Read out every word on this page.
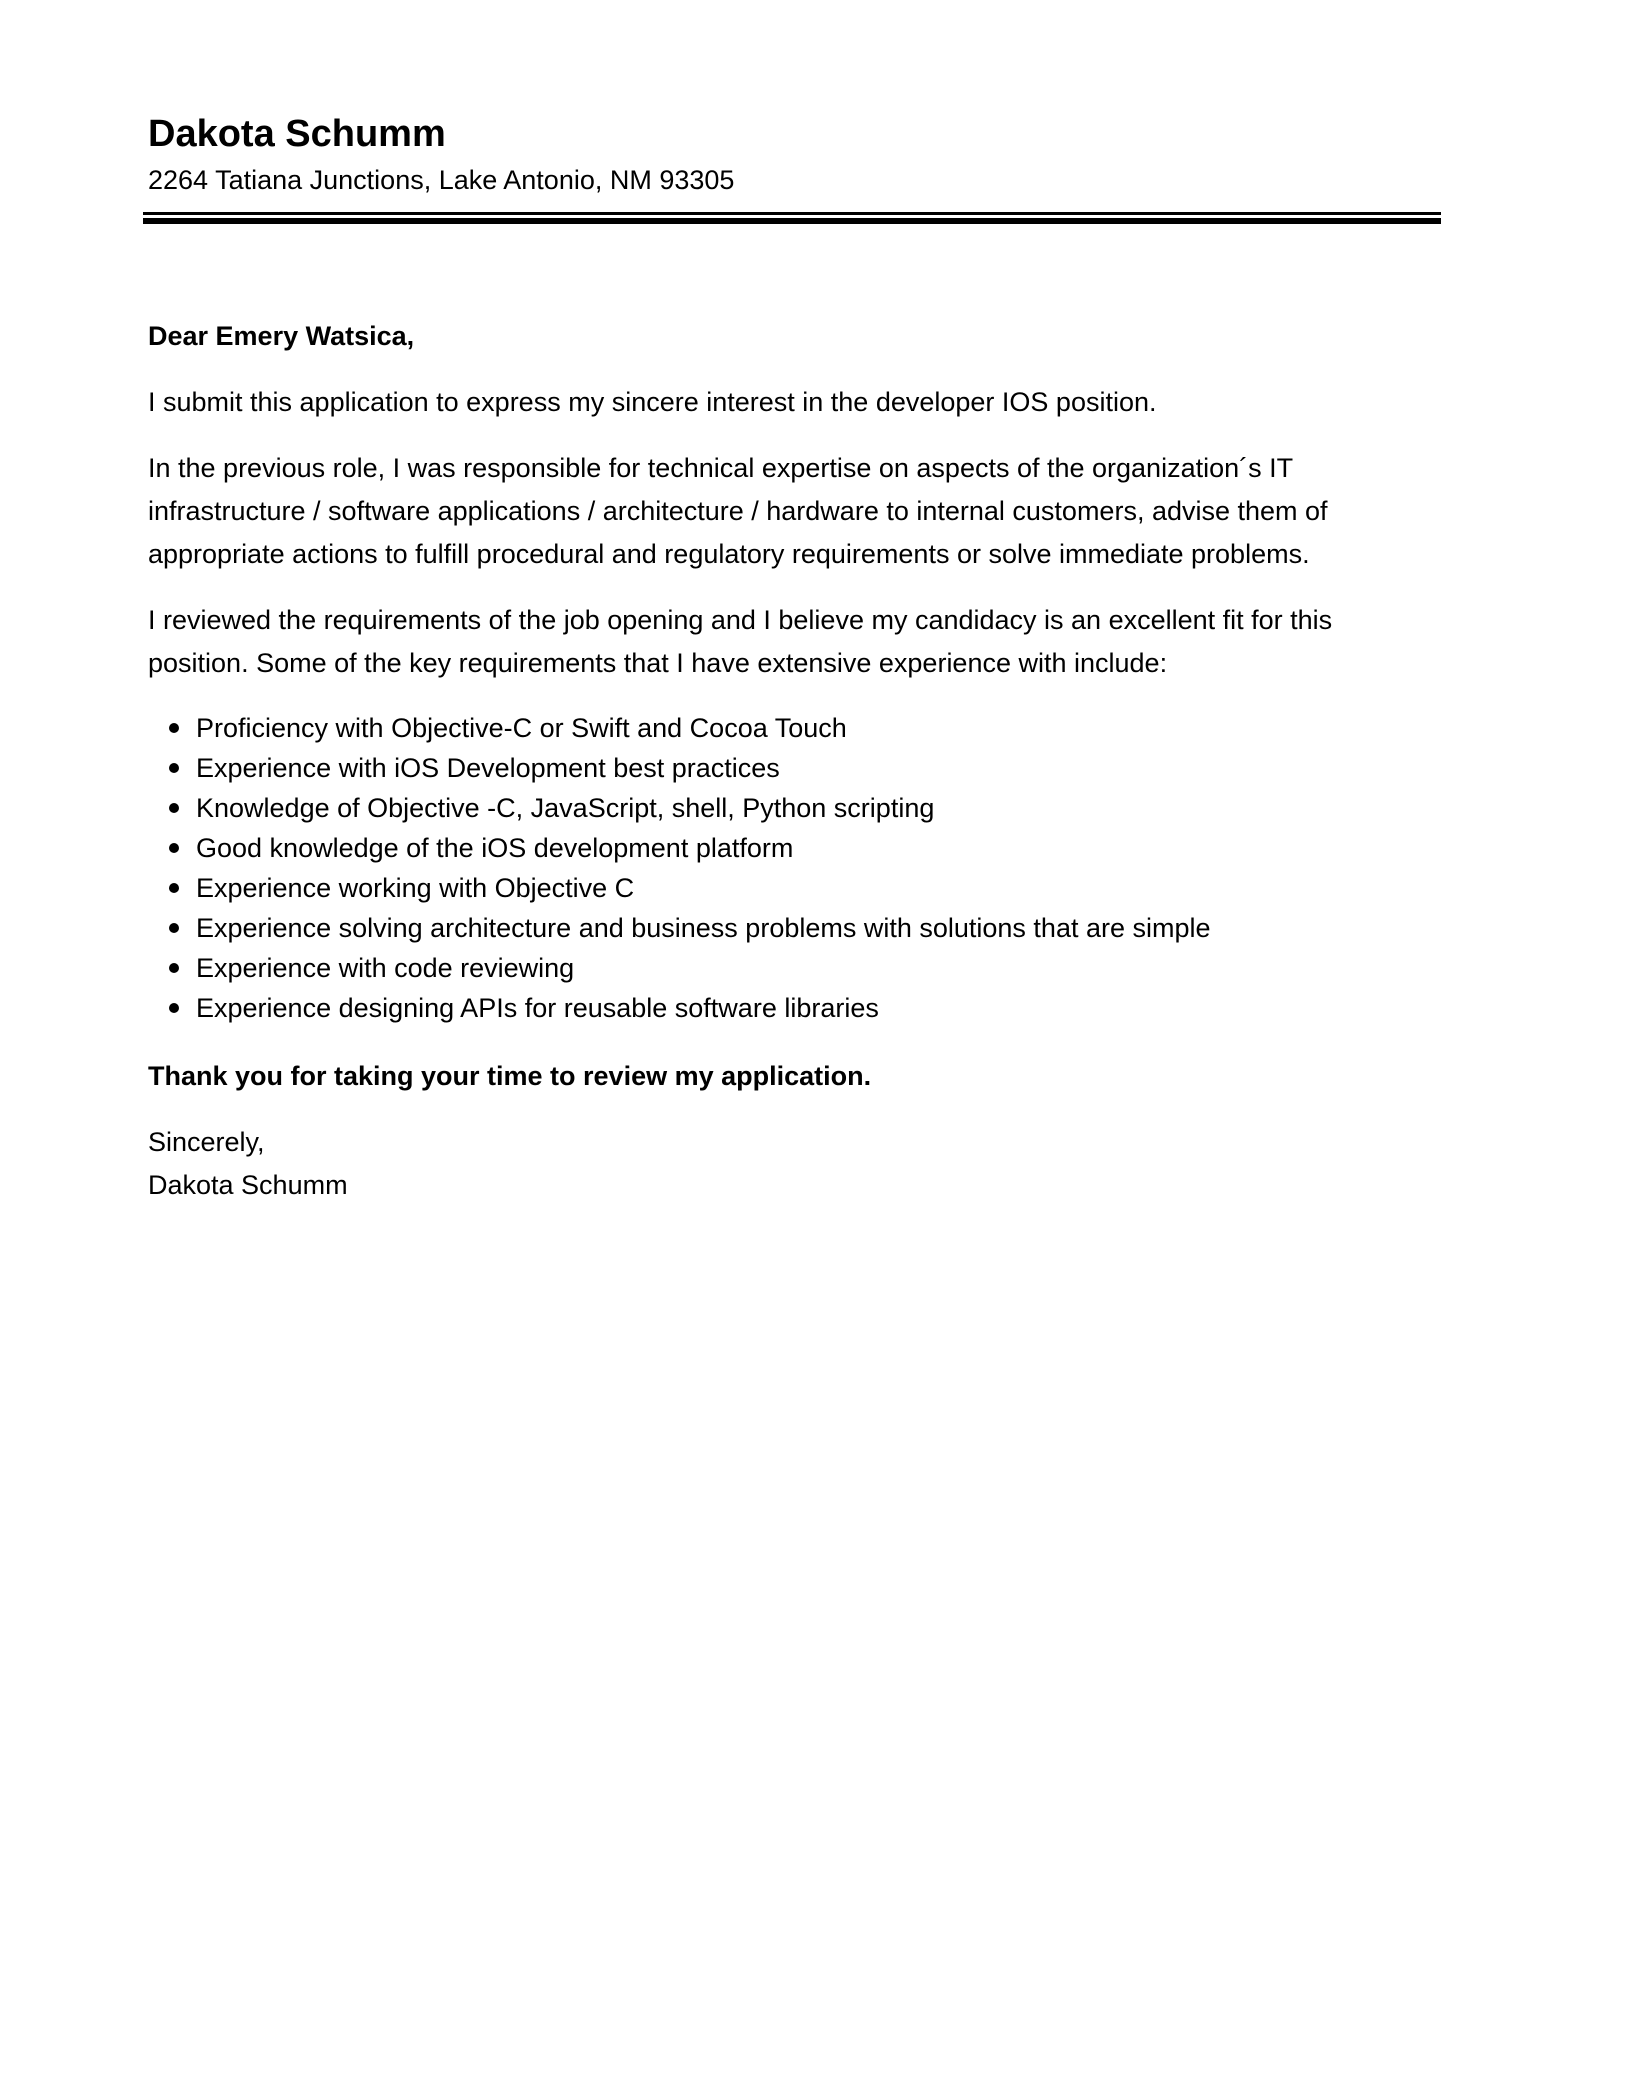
Dakota Schumm

2264 Tatiana Junctions, Lake Antonio, NM 93305

Dear Emery Watsica,

I submit this application to express my sincere interest in the developer IOS position.

In the previous role, I was responsible for technical expertise on aspects of the organization´s IT infrastructure / software applications / architecture / hardware to internal customers, advise them of appropriate actions to fulfill procedural and regulatory requirements or solve immediate problems.

I reviewed the requirements of the job opening and I believe my candidacy is an excellent fit for this position. Some of the key requirements that I have extensive experience with include:

Proficiency with Objective-C or Swift and Cocoa Touch
Experience with iOS Development best practices
Knowledge of Objective -C, JavaScript, shell, Python scripting
Good knowledge of the iOS development platform
Experience working with Objective C
Experience solving architecture and business problems with solutions that are simple
Experience with code reviewing
Experience designing APIs for reusable software libraries

Thank you for taking your time to review my application.

Sincerely,

Dakota Schumm
